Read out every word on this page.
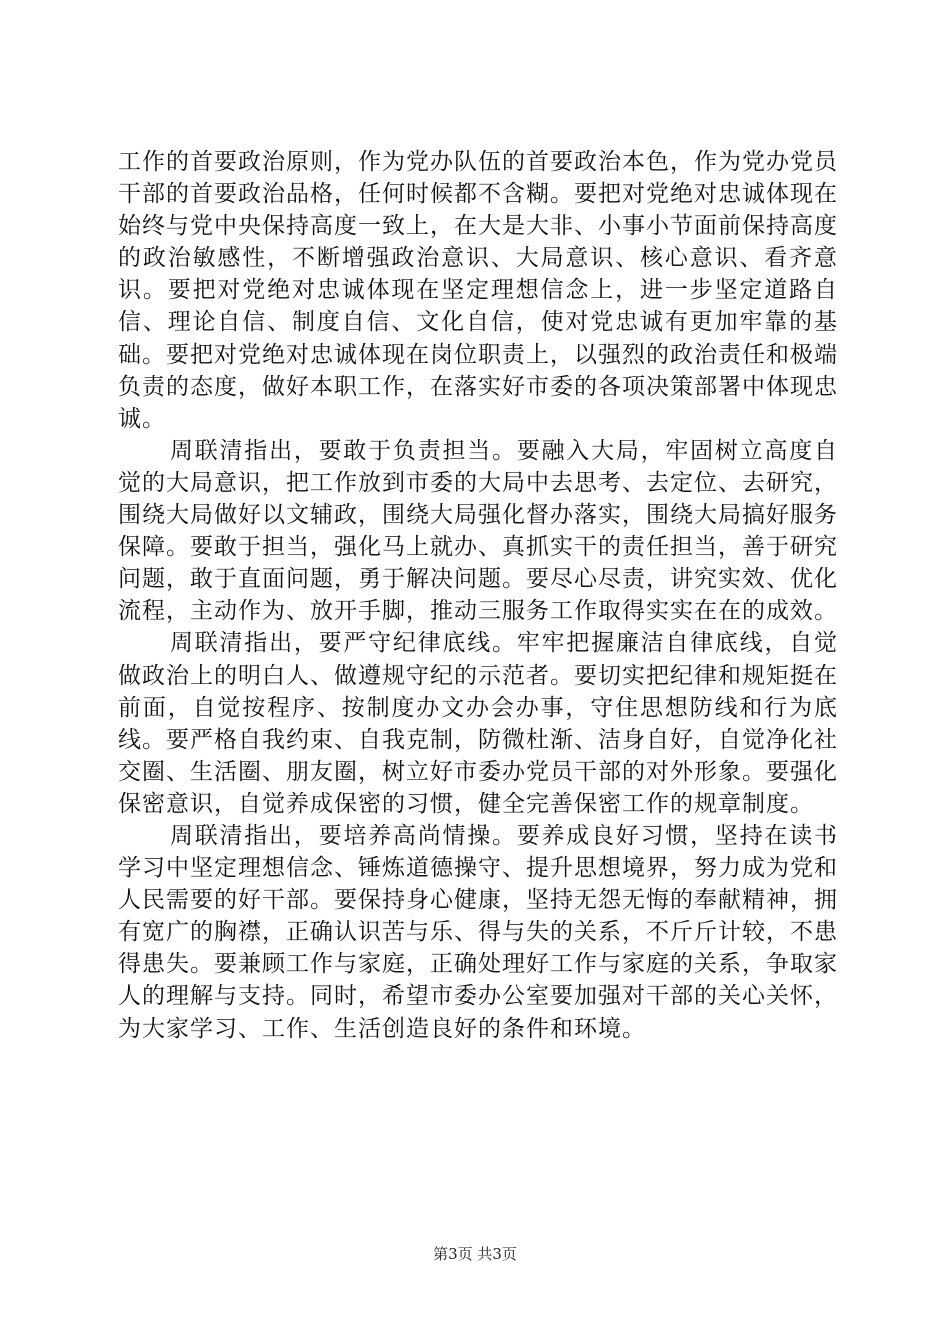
工作的首要政治原则，作为党办队伍的首要政治本色，作为党办党员干部的首要政治品格，任何时候都不含糊。要把对党绝对忠诚体现在始终与党中央保持高度一致上，在大是大非、小事小节面前保持高度的政治敏感性，不断增强政治意识、大局意识、核心意识、看齐意识。要把对党绝对忠诚体现在坚定理想信念上，进一步坚定道路自信、理论自信、制度自信、文化自信，使对党忠诚有更加牢靠的基础。要把对党绝对忠诚体现在岗位职责上，以强烈的政治责任和极端负责的态度，做好本职工作，在落实好市委的各项决策部署中体现忠诚。

周联清指出，要敢于负责担当。要融入大局，牢固树立高度自觉的大局意识，把工作放到市委的大局中去思考、去定位、去研究，围绕大局做好以文辅政，围绕大局强化督办落实，围绕大局搞好服务保障。要敢于担当，强化马上就办、真抓实干的责任担当，善于研究问题，敢于直面问题，勇于解决问题。要尽心尽责，讲究实效、优化流程，主动作为、放开手脚，推动三服务工作取得实实在在的成效。

周联清指出，要严守纪律底线。牢牢把握廉洁自律底线，自觉做政治上的明白人、做遵规守纪的示范者。要切实把纪律和规矩挺在前面，自觉按程序、按制度办文办会办事，守住思想防线和行为底线。要严格自我约束、自我克制，防微杜渐、洁身自好，自觉净化社交圈、生活圈、朋友圈，树立好市委办党员干部的对外形象。要强化保密意识，自觉养成保密的习惯，健全完善保密工作的规章制度。

周联清指出，要培养高尚情操。要养成良好习惯，坚持在读书学习中坚定理想信念、锤炼道德操守、提升思想境界，努力成为党和人民需要的好干部。要保持身心健康，坚持无怨无悔的奉献精神，拥有宽广的胸襟，正确认识苦与乐、得与失的关系，不斤斤计较，不患得患失。要兼顾工作与家庭，正确处理好工作与家庭的关系，争取家人的理解与支持。同时，希望市委办公室要加强对干部的关心关怀，为大家学习、工作、生活创造良好的条件和环境。

第3页 共3页
